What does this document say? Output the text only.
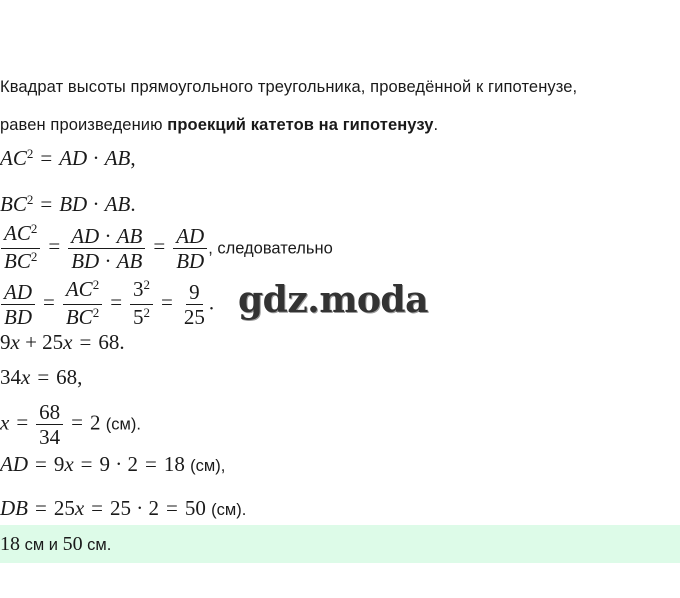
Квадрат высоты прямоугольного треугольника, проведённой к гипотенузе,
равен произведению проекций катетов на гипотенузу.
$AC^2$ = AD · AB,
$BC^2$ = BD · AB.
$\frac{AC^2}{BC^2} = \frac{AD \cdot AB}{BD \cdot AB} = \frac{AD}{BD}$ , следовательно
$\frac{AD}{BD} = \frac{AC^2}{BC^2} = \frac{3^2}{5^2} = \frac{9}{25}$ . gdz.moda
9x + 25x = 68.
34x = 68,
$x = \frac{68}{34} = 2$ (см).
AD = 9x = 9 · 2 = 18 (см),
DB = 25x = 25 · 2 = 50 (см).
18 см и 50 см.
